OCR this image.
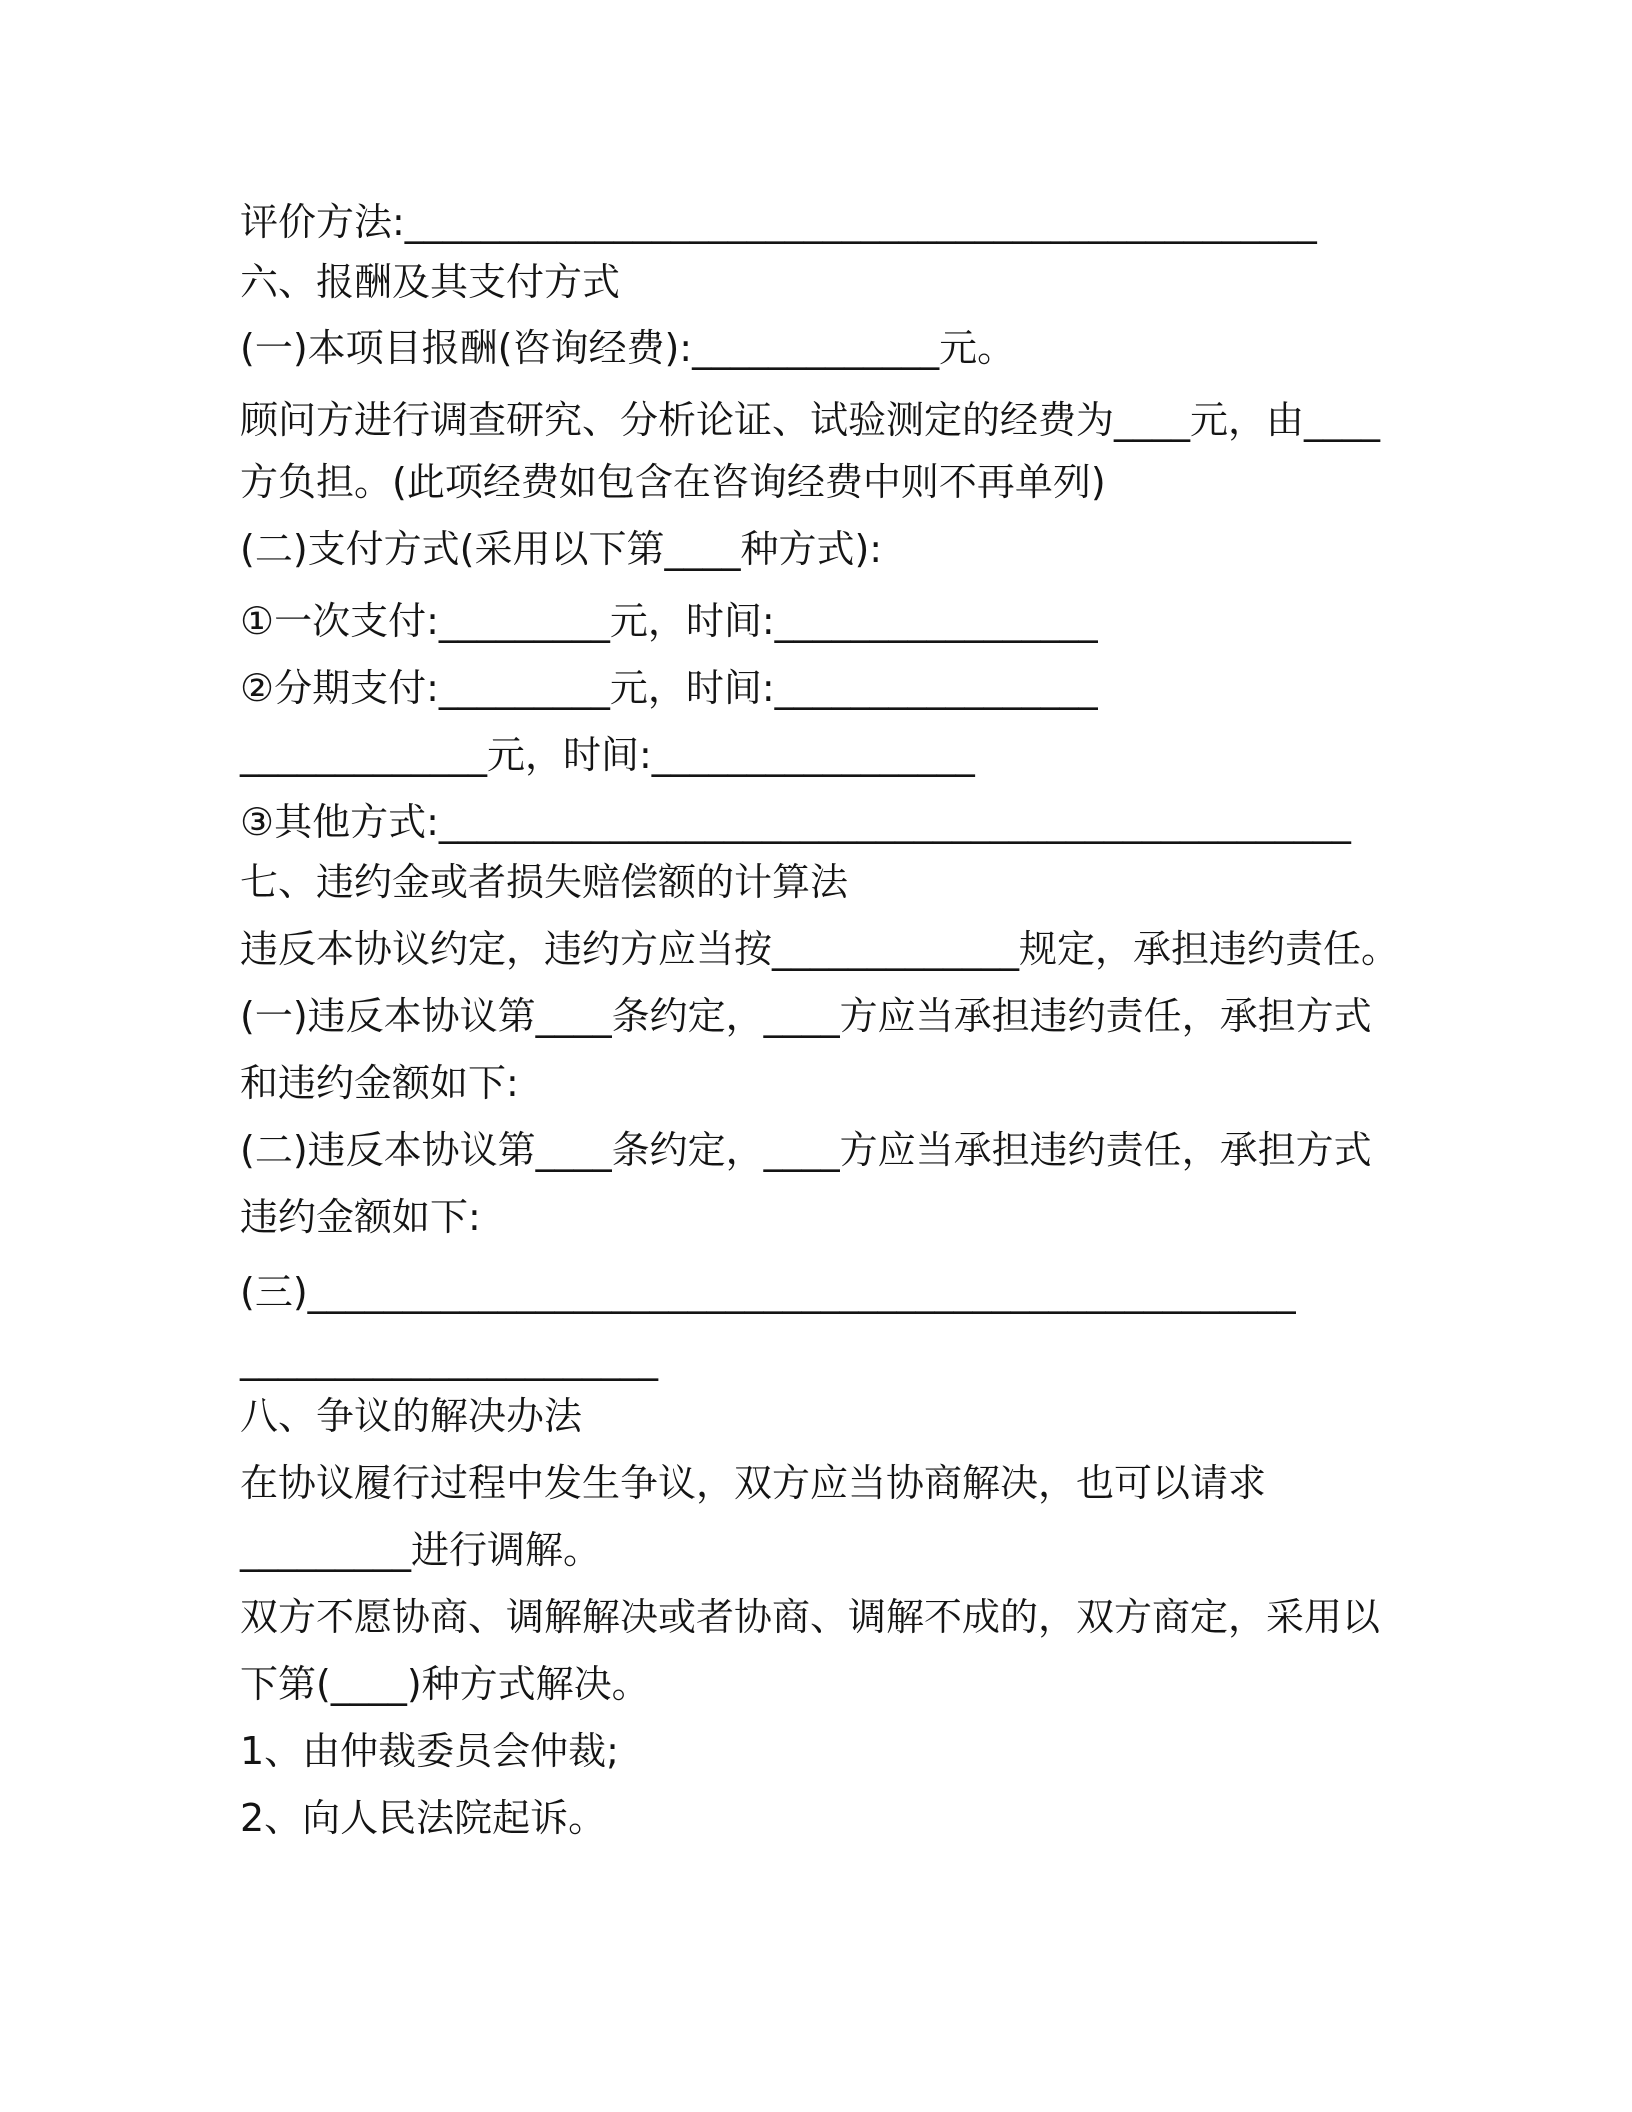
评价方法:________________________________________________

六、报酬及其支付方式

(一)本项目报酬(咨询经费):_____________元。

顾问方进行调查研究、分析论证、试验测定的经费为____元，由____

方负担。(此项经费如包含在咨询经费中则不再单列)

(二)支付方式(采用以下第____种方式):

①一次支付:_________元，时间:_________________

②分期支付:_________元，时间:_________________

_____________元，时间:_________________

③其他方式:________________________________________________

七、违约金或者损失赔偿额的计算法

违反本协议约定，违约方应当按_____________规定，承担违约责任。

(一)违反本协议第____条约定，____方应当承担违约责任，承担方式

和违约金额如下:

(二)违反本协议第____条约定，____方应当承担违约责任，承担方式

违约金额如下:

(三)____________________________________________________

______________________

八、争议的解决办法

在协议履行过程中发生争议，双方应当协商解决，也可以请求

_________进行调解。

双方不愿协商、调解解决或者协商、调解不成的，双方商定，采用以

下第(____)种方式解决。

1、由仲裁委员会仲裁;

2、向人民法院起诉。
